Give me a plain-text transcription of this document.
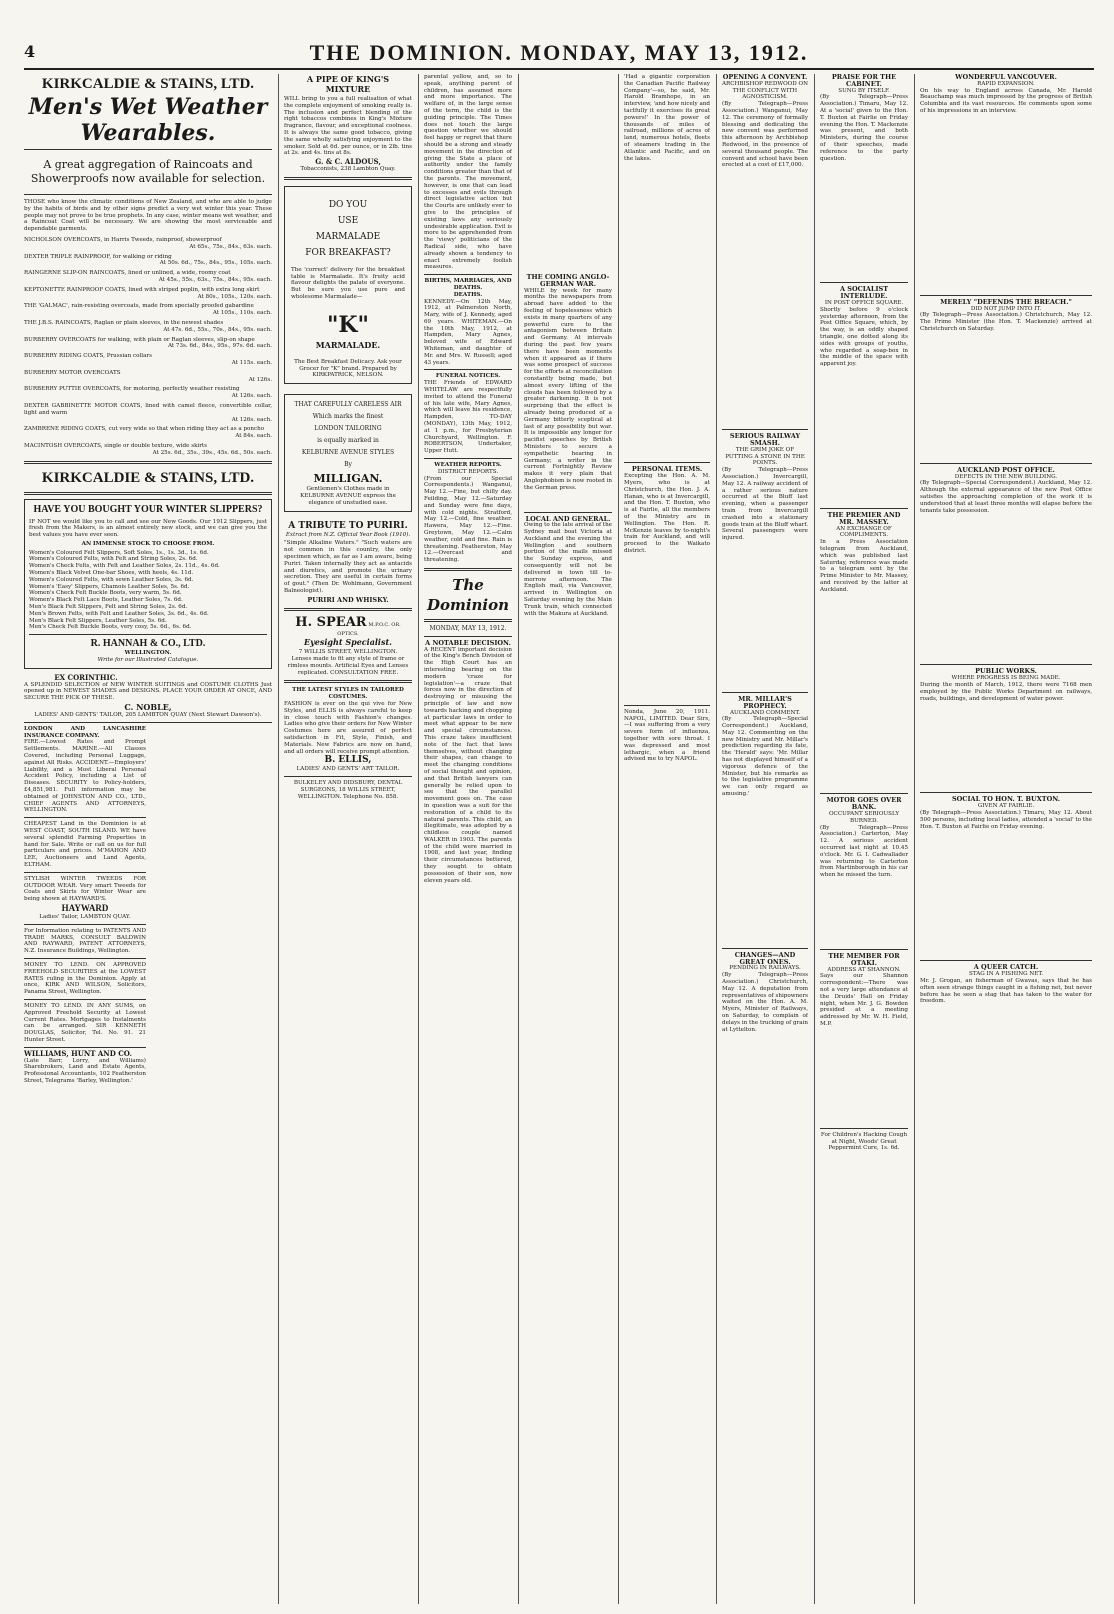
4	THE DOMINION. MONDAY, MAY 13, 1912.
KIRKCALDIE & STAINS, LTD.
Men's Wet Weather Wearables.
A great aggregation of Raincoats and Showerproofs now available for selection.
THOSE who know the climatic conditions of New Zealand, and who are able to judge by the habits of birds and by other signs predict a very wet winter this year. These people may not prove to be true prophets. In any case, winter means wet weather, and a Raincoat Coat will be necessary. We are showing the most serviceable and dependable garments.
NICHOLSON OVERCOATS, in Harris Tweeds, rainproof, showerproof
At 65s., 75s., 84s., 63s. each.
DEXTER TRIPLE RAINPROOF, for walking or riding
At 50s. 6d., 75s., 84s., 95s., 105s. each.
RAINGERNE SLIP-ON RAINCOATS, lined or unlined, a wide, roomy coat
At 45s., 55s., 63s., 75s., 84s., 95s. each.
KEPTONETTE RAINPROOF COATS, lined with striped poplin, with extra long skirt
At 80s., 105s., 120s. each.
THE 'GALMAC', rain-resisting overcoats, made from specially proofed gabardine
At 105s., 110s. each.
THE J.B.S. RAINCOATS, Raglan or plain sleeves, in the newest shades
At 47s. 6d., 55s., 70s., 84s., 95s. each.
BURBERRY OVERCOATS for walking, with plain or Raglan sleeves, slip-on shape
At 73s. 6d., 84s., 95s., 97s. 6d. each.
BURBERRY RIDING COATS, Prussian collars
At 115s. each.
BURBERRY MOTOR OVERCOATS
At 126s.
BURBERRY PUTTIE OVERCOATS, for motoring, perfectly weather resisting
At 126s. each.
DEXTER GABBINETTE MOTOR COATS, lined with camel fleece, convertible collar, light and warm
At 126s. each.
ZAMBRENE RIDING COATS, cut very wide so that when riding they act as a poncho
At 84s. each.
MACINTOSH OVERCOATS, single or double texture, wide skirts
At 25s. 6d., 35s., 39s., 45s. 6d., 50s. each.
KIRKCALDIE & STAINS, LTD.
HAVE YOU BOUGHT YOUR WINTER SLIPPERS?
IF NOT we would like you to call and see our New Goods. Our 1912 Slippers, just fresh from the Makers, is an almost entirely new stock, and we can give you the best values you have ever seen.
AN IMMENSE STOCK TO CHOOSE FROM.
Women's Coloured Felt Slippers, Soft Soles, 1s., 1s. 3d., 1s. 6d.
Women's Coloured Felts, with Felt and String Soles, 2s. 6d.
Women's Check Felts, with Felt and Leather Soles, 2s. 11d., 4s. 6d.
Women's Black Velvet One-bar Shoes, with heels, 4s. 11d.
Women's Coloured Felts, with sewn Leather Soles, 3s. 6d.
Women's 'Easy' Slippers, Chamois Leather Soles, 5s. 6d.
Women's Check Felt Buckle Boots, very warm, 5s. 6d.
Women's Black Felt Lace Boots, Leather Soles, 7s. 6d.
Men's Black Felt Slippers, Felt and String Soles, 2s. 6d.
Men's Brown Felts, with Felt and Leather Soles, 3s. 6d., 4s. 6d.
Men's Black Felt Slippers, Leather Soles, 5s. 6d.
Men's Check Felt Buckle Boots, very cosy, 5s. 6d., 6s. 6d.
R. HANNAH & CO., LTD.
WELLINGTON.
Write for our Illustrated Catalogue.
EX CORINTHIC.
A SPLENDID SELECTION of NEW WINTER SUITINGS and COSTUME CLOTHS Just opened up in NEWEST SHADES and DESIGNS. PLACE YOUR ORDER AT ONCE, AND SECURE THE PICK OF THESE.
C. NOBLE,
LADIES' AND GENTS' TAILOR, 205 LAMBTON QUAY (Next Stewart Dawson's).
LONDON AND LANCASHIRE INSURANCE COMPANY.
FIRE.—Lowest Rates and Prompt Settlements. MARINE.—All Classes Covered, including Personal Luggage, against All Risks. ACCIDENT.—Employers' Liability, and a Most Liberal Personal Accident Policy, including a List of Diseases. SECURITY to Policy-holders, £4,851,981. Full information may be obtained of JOHNSTON AND CO., LTD., CHIEF AGENTS AND ATTORNEYS, WELLINGTON.
CHEAPEST Land in the Dominion is at WEST COAST, SOUTH ISLAND. WE have several splendid Farming Properties in hand for Sale. Write or call on us for full particulars and prices. M'MAHON AND LEE, Auctioneers and Land Agents, ELTHAM.
STYLISH WINTER TWEEDS FOR OUTDOOR WEAR. Very smart Tweeds for Coats and Skirts for Winter Wear are being shown at HAYWARD'S.
HAYWARD
Ladies' Tailor, LAMBTON QUAY.
For Information relating to PATENTS AND TRADE MARKS, CONSULT BALDWIN AND RAYWARD, PATENT ATTORNEYS, N.Z. Insurance Buildings, Wellington.
MONEY TO LEND. ON APPROVED FREEHOLD SECURITIES at the LOWEST RATES ruling in the Dominion. Apply at once, KIRK AND WILSON, Solicitors, Panama Street, Wellington.
MONEY TO LEND. IN ANY SUMS, on Approved Freehold Security at Lowest Current Rates. Mortgages to Instalments can be arranged. SIR KENNETH DOUGLAS, Solicitor, Tel. No. 91. 21 Hunter Street.
WILLIAMS, HUNT AND CO.
(Late Barr, Lorry, and Williams) Sharebrokers, Land and Estate Agents, Professional Accountants, 102 Featherston Street, Telegrams 'Barley, Wellington.'
A PIPE OF KING'S MIXTURE
WILL bring to you a full realisation of what the complete enjoyment of smoking really is. The inclusion and perfect blending of the right tobaccos combines in King's Mixture fragrance, flavour, and exceptional coolness. It is always the same good tobacco, giving the same wholly satisfying enjoyment to the smoker. Sold at 6d. per ounce, or in 2lb. tins at 2s. and 4s. tins at 8s.
G. & C. ALDOUS,
Tobacconists, 238 Lambton Quay.
DO YOU
USE
MARMALADE
FOR BREAKFAST?
The 'correct' delivery for the breakfast table is Marmalade. It's fruity acid flavour delights the palate of everyone. But be sure you use pure and wholesome Marmalade—
"K"
MARMALADE.
The Best Breakfast Delicacy. Ask your Grocer for "K" brand. Prepared by KIRKPATRICK, NELSON.
THAT CAREFULLY CARELESS AIR
Which marks the finest
LONDON TAILORING
is equally marked in
KELBURNE AVENUE STYLES
By
MILLIGAN.
Gentlemen's Clothes made in KELBURNE AVENUE express the elegance of unstudied ease.
A TRIBUTE TO PURIRI.
Extract from N.Z. Official Year Book (1910).
"Simple Alkaline Waters." "Such waters are not common in this country, the only specimen which, as far as I am aware, being Puriri. Taken internally they act as antacids and diuretics, and promote the urinary secretion. They are useful in certain forms of gout." (Then Dr. Wohlmann, Government Balneologist).
PURIRI AND WHISKY.
H. SPEAR M.P.O.C. OR. OPTICS.
Eyesight Specialist.
7 WILLIS STREET, WELLINGTON.
Lenses made to fit any style of frame or rimless mounts. Artificial Eyes and Lenses replicated. CONSULTATION FREE.
THE LATEST STYLES IN TAILORED COSTUMES.
FASHION is ever on the qui vive for New Styles, and ELLIS is always careful to keep in close touch with Fashion's changes. Ladies who give their orders for New Winter Costumes here are assured of perfect satisfaction in Fit, Style, Finish, and Materials. New Fabrics are now on hand, and all orders will receive prompt attention.
B. ELLIS,
LADIES' AND GENTS' ART TAILOR.
BULKELEY AND DIDSBURY, DENTAL SURGEONS, 18 WILLIS STREET, WELLINGTON. Telephone No. 858.
parental yellow, and, so to speak, anything parent of children, has assumed more and more importance. The welfare of, in the large sense of the term, the child is the guiding principle. The Times does not touch the large question whether we should feel happy or regret that there should be a strong and steady movement in the direction of giving the State a place of authority under the family conditions greater than that of the parents. The movement, however, is one that can lead to excesses and evils through direct legislative action but the Courts are unlikely ever to give to the principles of existing laws any seriously undesirable application. Evil is more to be apprehended from the 'viewy' politicians of the Radical side, who have already shown a tendency to enact extremely foolish measures.
BIRTHS, MARRIAGES, AND DEATHS.
DEATHS.
KENNEDY.—On 12th May, 1912, at Palmerston North, Mary, wife of J. Kennedy, aged 69 years. WHITEMAN.—On the 10th May, 1912, at Hampden, Mary Agnes, beloved wife of Edward Whiteman, and daughter of Mr. and Mrs. W. Russell; aged 43 years.
FUNERAL NOTICES.
THE Friends of EDWARD WHITELAW are respectfully invited to attend the Funeral of his late wife, Mary Agnes, which will leave his residence, Hampden, TO-DAY (MONDAY), 13th May, 1912, at 1 p.m., for Presbyterian Churchyard, Wellington. F. ROBERTSON, Undertaker, Upper Hutt.
WEATHER REPORTS.
DISTRICT REPORTS.
(From our Special Correspondents.) Wanganui, May 12.—Fine, but chilly day. Feilding, May 12.—Saturday and Sunday were fine days, with cold nights. Stratford, May 12.—Cold, fine weather. Hawera, May 12.—Fine. Greytown, May 12.—Calm weather, cold and fine. Rain is threatening. Featherston, May 12.—Overcast and threatening.
The Dominion
MONDAY, MAY 13, 1912.
A NOTABLE DECISION.
A RECENT important decision of the King's Bench Division of the High Court has an interesting bearing on the modern 'craze for legislation'—a craze that forces now in the direction of destroying or misusing the principle of law and now towards hacking and chopping at particular laws in order to meet what appear to be new and special circumstances. This craze takes insufficient note of the fact that laws themselves, without changing their shapes, can change to meet the changing conditions of social thought and opinion, and that British lawyers can generally be relied upon to see that the parallel movement goes on. The case in question was a suit for the restoration of a child to its natural parents. This child, an illegitimate, was adopted by a childless couple named WALKER in 1903. The parents of the child were married in 1908, and last year, finding their circumstances bettered, they sought to obtain possession of their son, now eleven years old.
THE COMING ANGLO-GERMAN WAR.
WHILE by week for many months the newspapers from abroad have added to the feeling of hopelessness which exists in many quarters of any powerful cure to the antagonism between Britain and Germany. At intervals during the past few years there have been moments when it appeared as if there was some prospect of success for the efforts at reconciliation constantly being made, but almost every lifting of the clouds has been followed by a greater darkening. It is not surprising that the effect is already being produced of a Germany bitterly sceptical at last of any possibility but war. It is impossible any longer for pacifist speeches by British Ministers to secure a sympathetic hearing in Germany; a writer in the current Fortnightly Review makes it very plain that Anglophobism is now rooted in the German press.
LOCAL AND GENERAL.
Owing to the late arrival of the Sydney mail boat Victoria at Auckland and the evening the Wellington and southern portion of the mails missed the Sunday express, and consequently will not be delivered in town till to-morrow afternoon. The English mail, via Vancouver, arrived in Wellington on Saturday evening by the Main Trunk train, which connected with the Makura at Auckland.
'Had a gigantic corporation the Canadian Pacific Railway Company'—so, he said, Mr. Harold Bramhope, in an interview, 'and how nicely and tactfully it exercises its great powers!' In the power of thousands of miles of railroad, millions of acres of land, numerous hotels, fleets of steamers trading in the Atlantic and Pacific, and on the lakes.
PERSONAL ITEMS.
Excepting the Hon. A. M. Myers, who is at Christchurch, the Hon. J. A. Hanan, who is at Invercargill, and the Hon. T. Buxton, who is at Fairlie, all the members of the Ministry are in Wellington. The Hon. R. McKenzie leaves by to-night's train for Auckland, and will proceed to the Waikato district.
Nonda, June 20, 1911. NAPOL, LIMITED. Dear Sirs,—I was suffering from a very severe form of influenza, together with sore throat. I was depressed and most lethargic, when a friend advised me to try NAPOL.
OPENING A CONVENT.
ARCHBISHOP REDWOOD ON THE CONFLICT WITH AGNOSTICISM.
(By Telegraph—Press Association.) Wanganui, May 12. The ceremony of formally blessing and dedicating the new convent was performed this afternoon by Archbishop Redwood, in the presence of several thousand people. The convent and school have been erected at a cost of £17,000.
SERIOUS RAILWAY SMASH.
THE GRIM JOKE OF PUTTING A STONE IN THE POINTS.
(By Telegraph—Press Association.) Invercargill, May 12. A railway accident of a rather serious nature occurred at the Bluff last evening, when a passenger train from Invercargill crashed into a stationary goods train at the Bluff wharf. Several passengers were injured.
MR. MILLAR'S PROPHECY.
AUCKLAND COMMENT.
(By Telegraph—Special Correspondent.) Auckland, May 12. Commenting on the new Ministry and Mr. Millar's prediction regarding its fate, the 'Herald' says: 'Mr. Millar has not displayed himself of a vigorous defence of the Minister, but his remarks as to the legislative programme we can only regard as amusing.'
CHANGES—AND GREAT ONES.
PENDING IN RAILWAYS.
(By Telegraph—Press Association.) Christchurch, May 12. A deputation from representatives of shipowners waited on the Hon. A. M. Myers, Minister of Railways, on Saturday, to complain of delays in the trucking of grain at Lyttelton.
PRAISE FOR THE CABINET.
SUNG BY ITSELF.
(By Telegraph—Press Association.) Timaru, May 12. At a 'social' given to the Hon. T. Buxton at Fairlie on Friday evening the Hon. T. Mackenzie was present, and both Ministers, during the course of their speeches, made reference to the party question.
A SOCIALIST INTERLUDE.
IN POST OFFICE SQUARE.
Shortly before 9 o'clock yesterday afternoon, from the Post Office Square, which, by the way, is an oddly shaped triangle, one dotted along its sides with groups of youths, who regarded a soap-box in the middle of the space with apparent joy.
THE PREMIER AND MR. MASSEY.
AN EXCHANGE OF COMPLIMENTS.
In a Press Association telegram from Auckland, which was published last Saturday, reference was made to a telegram sent by the Prime Minister to Mr. Massey, and received by the latter at Auckland.
MOTOR GOES OVER BANK.
OCCUPANT SERIOUSLY BURNED.
(By Telegraph—Press Association.) Carterton, May 12. A serious accident occurred last night at 10.45 o'clock. Mr. G. I. Cadwallader was returning to Carterton from Martinborough in his car when he missed the turn.
THE MEMBER FOR OTAKI.
ADDRESS AT SHANNON.
Says our Shannon correspondent:—There was not a very large attendance at the Druids' Hall on Friday night, when Mr. J. G. Bowden presided at a meeting addressed by Mr. W. H. Field, M.P.
For Children's Hacking Cough at Night, Woods' Great Peppermint Cure, 1s. 6d.
WONDERFUL VANCOUVER.
RAPID EXPANSION.
On his way to England across Canada, Mr. Harold Beauchamp was much impressed by the progress of British Columbia and its vast resources. He comments upon some of his impressions in an interview.
MERELY "DEFENDS THE BREACH."
DID NOT JUMP INTO IT.
(By Telegraph—Press Association.) Christchurch, May 12. The Prime Minister (the Hon. T. Mackenzie) arrived at Christchurch on Saturday.
AUCKLAND POST OFFICE.
DEFECTS IN THE NEW BUILDING.
(By Telegraph—Special Correspondent.) Auckland, May 12. Although the external appearance of the new Post Office satisfies the approaching completion of the work it is understood that at least three months will elapse before the tenants take possession.
PUBLIC WORKS.
WHERE PROGRESS IS BEING MADE.
During the month of March, 1912, there were 7168 men employed by the Public Works Department on railways, roads, buildings, and development of water power.
SOCIAL TO HON. T. BUXTON.
GIVEN AT FAIRLIE.
(By Telegraph—Press Association.) Timaru, May 12. About 500 persons, including local ladies, attended a 'social' to the Hon. T. Buxton at Fairlie on Friday evening.
A QUEER CATCH.
STAG IN A FISHING NET.
Mr. J. Grogan, an fisherman of Gwavas, says that he has often seen strange things caught in a fishing net, but never before has he seen a stag that has taken to the water for freedom.
